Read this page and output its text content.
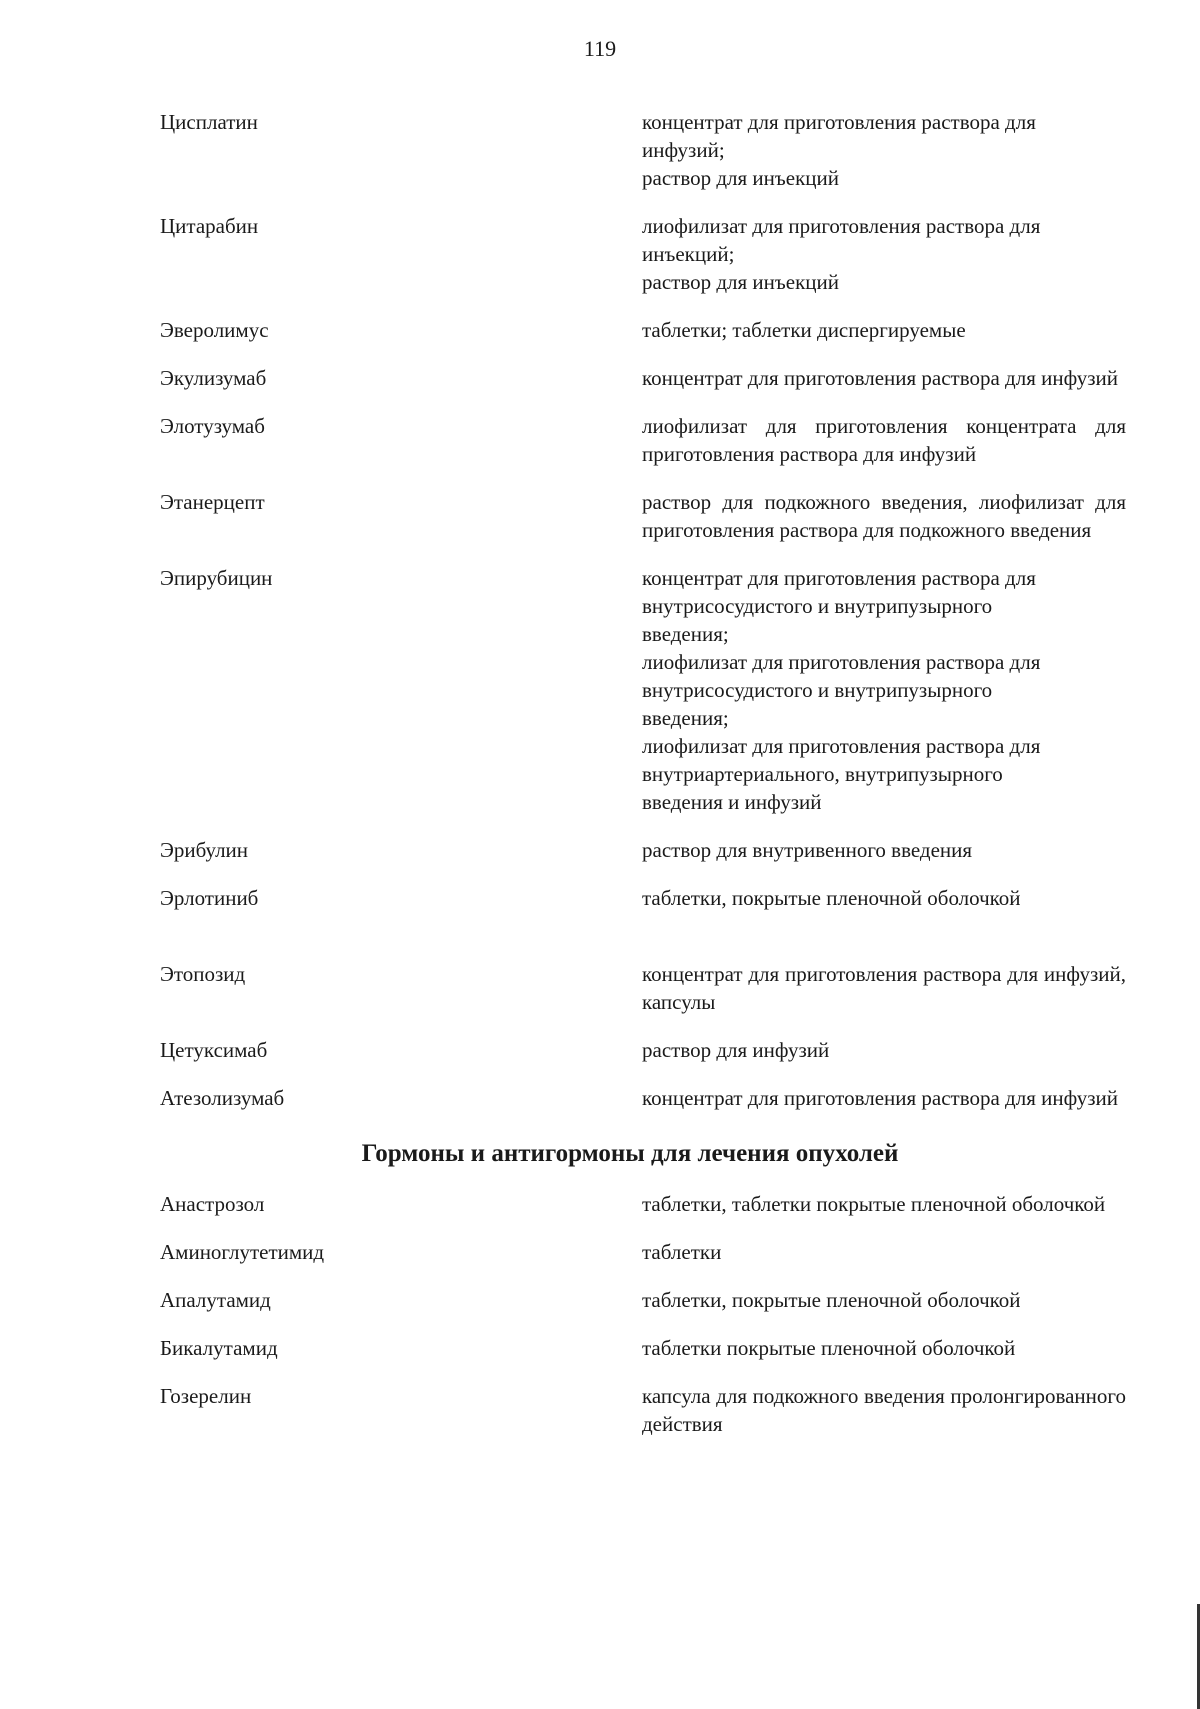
119
Цисплатин	концентрат для приготовления раствора для
инфузий;
раствор для инъекций
Цитарабин	лиофилизат для приготовления раствора для
инъекций;
раствор для инъекций
Эверолимус	таблетки; таблетки диспергируемые
Экулизумаб	концентрат для приготовления раствора для инфузий
Элотузумаб	лиофилизат для приготовления концентрата для приготовления раствора для инфузий
Этанерцепт	раствор для подкожного введения, лиофилизат для приготовления раствора для подкожного введения
Эпирубицин	концентрат для приготовления раствора для
внутрисосудистого и внутрипузырного
введения;
лиофилизат для приготовления раствора для
внутрисосудистого и внутрипузырного
введения;
лиофилизат для приготовления раствора для
внутриартериального, внутрипузырного
введения и инфузий
Эрибулин	раствор для внутривенного введения
Эрлотиниб	таблетки, покрытые пленочной оболочкой
Этопозид	концентрат для приготовления раствора для инфузий, капсулы
Цетуксимаб	раствор для инфузий
Атезолизумаб	концентрат для приготовления раствора для инфузий
Гормоны и антигормоны для лечения опухолей
Анастрозол	таблетки, таблетки покрытые пленочной оболочкой
Аминоглутетимид	таблетки
Апалутамид	таблетки, покрытые пленочной оболочкой
Бикалутамид	таблетки покрытые пленочной оболочкой
Гозерелин	капсула для подкожного введения пролонгированного действия
